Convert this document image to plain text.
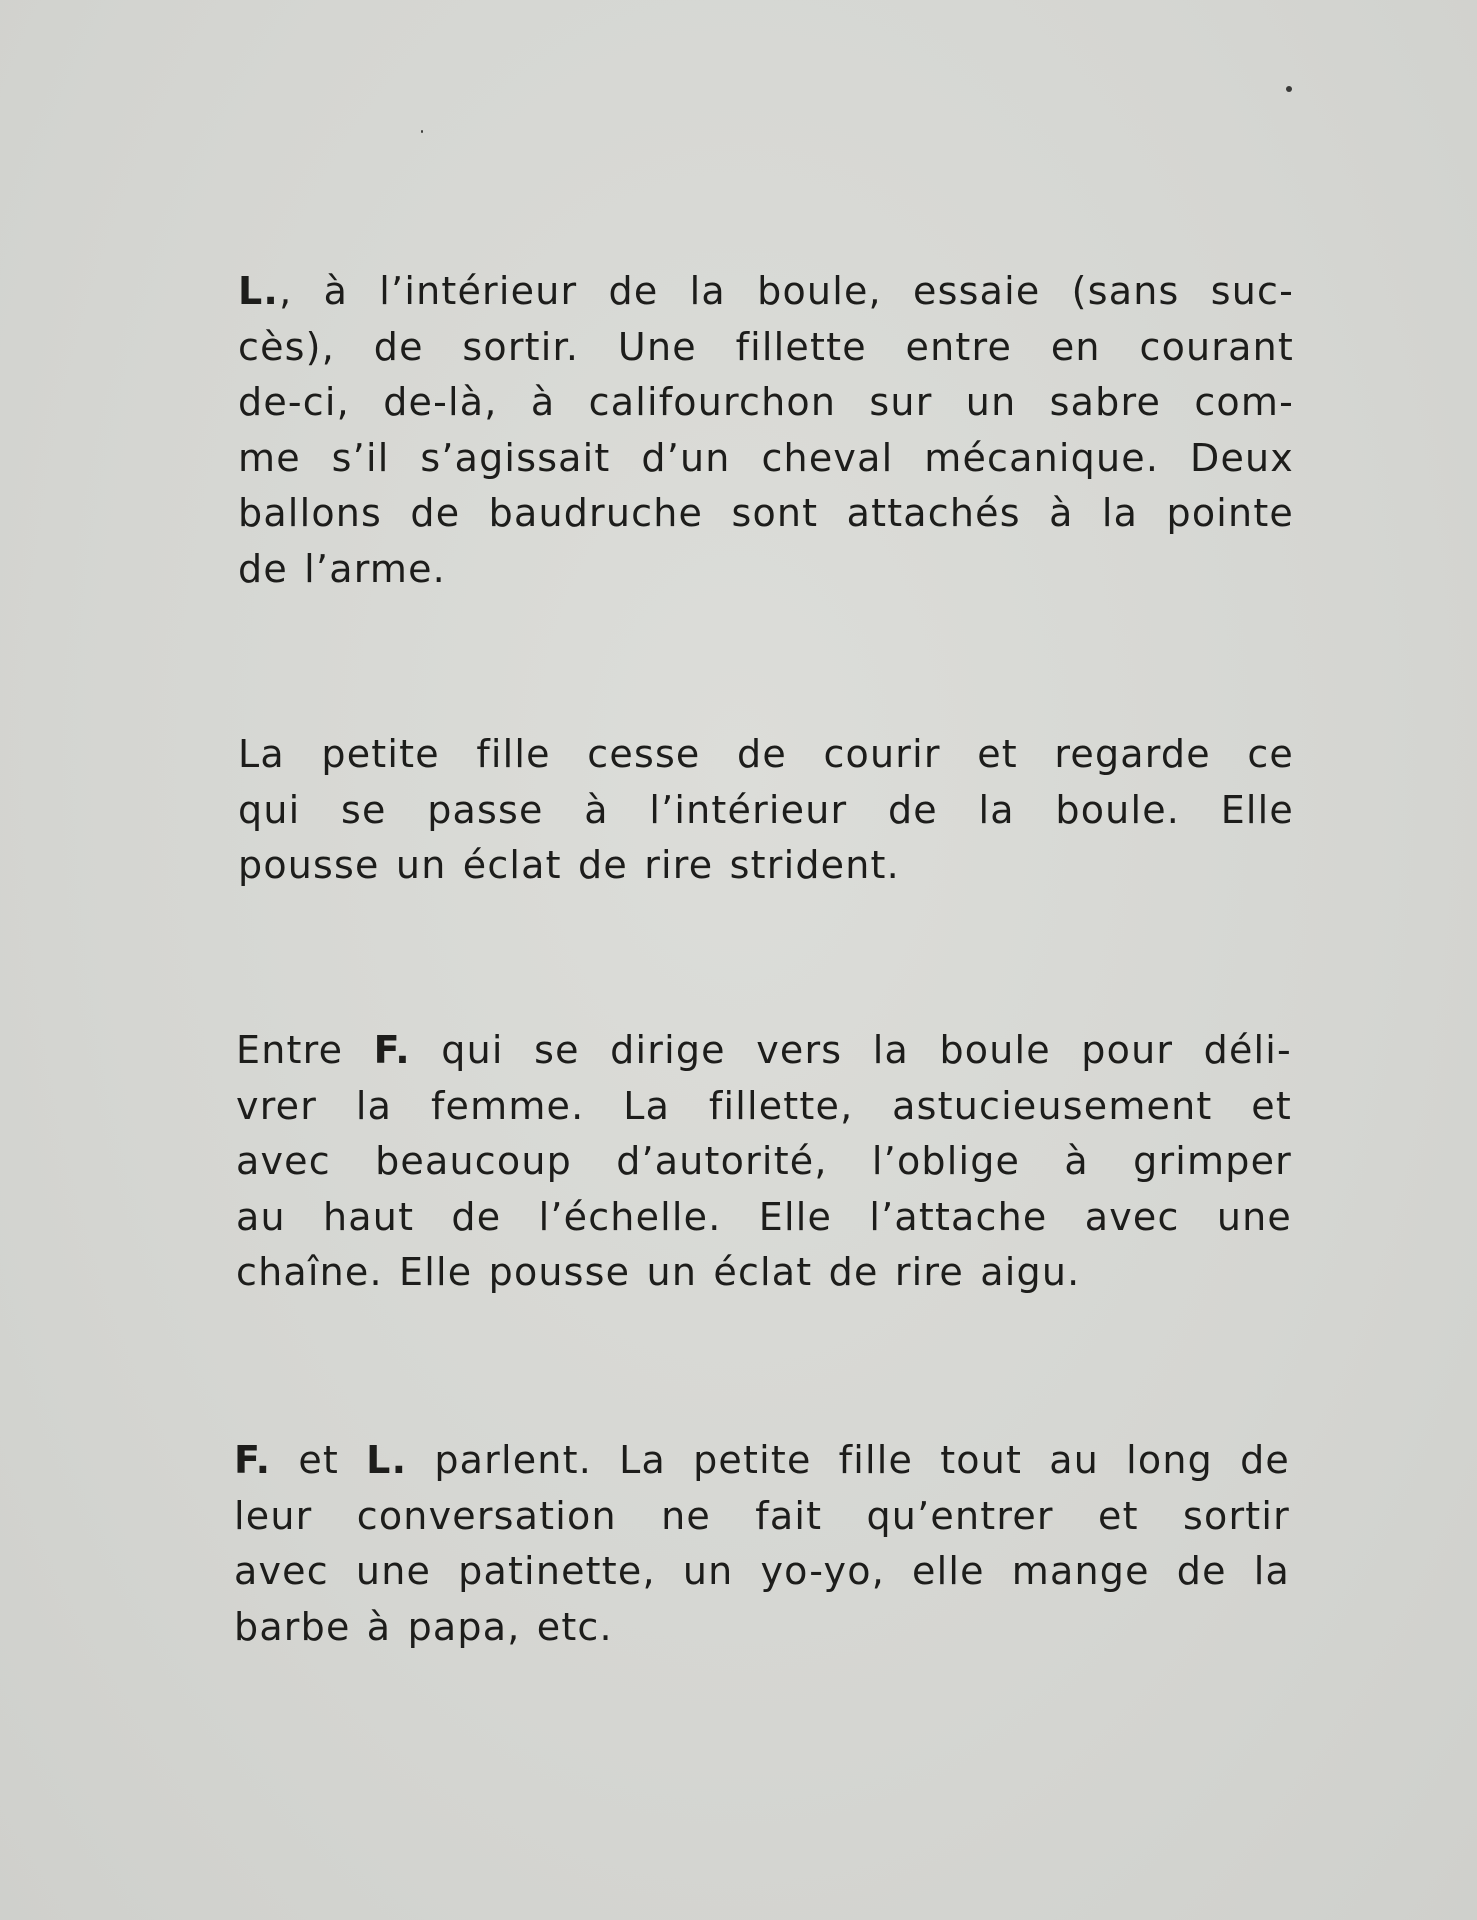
L., à l’intérieur de la boule, essaie (sans suc-
cès), de sortir. Une fillette entre en courant
de-ci, de-là, à califourchon sur un sabre com-
me s’il s’agissait d’un cheval mécanique. Deux
ballons de baudruche sont attachés à la pointe
de l’arme.

La petite fille cesse de courir et regarde ce
qui se passe à l’intérieur de la boule. Elle
pousse un éclat de rire strident.

Entre F. qui se dirige vers la boule pour déli-
vrer la femme. La fillette, astucieusement et
avec beaucoup d’autorité, l’oblige à grimper
au haut de l’échelle. Elle l’attache avec une
chaîne. Elle pousse un éclat de rire aigu.

F. et L. parlent. La petite fille tout au long de
leur conversation ne fait qu’entrer et sortir
avec une patinette, un yo-yo, elle mange de la
barbe à papa, etc.
